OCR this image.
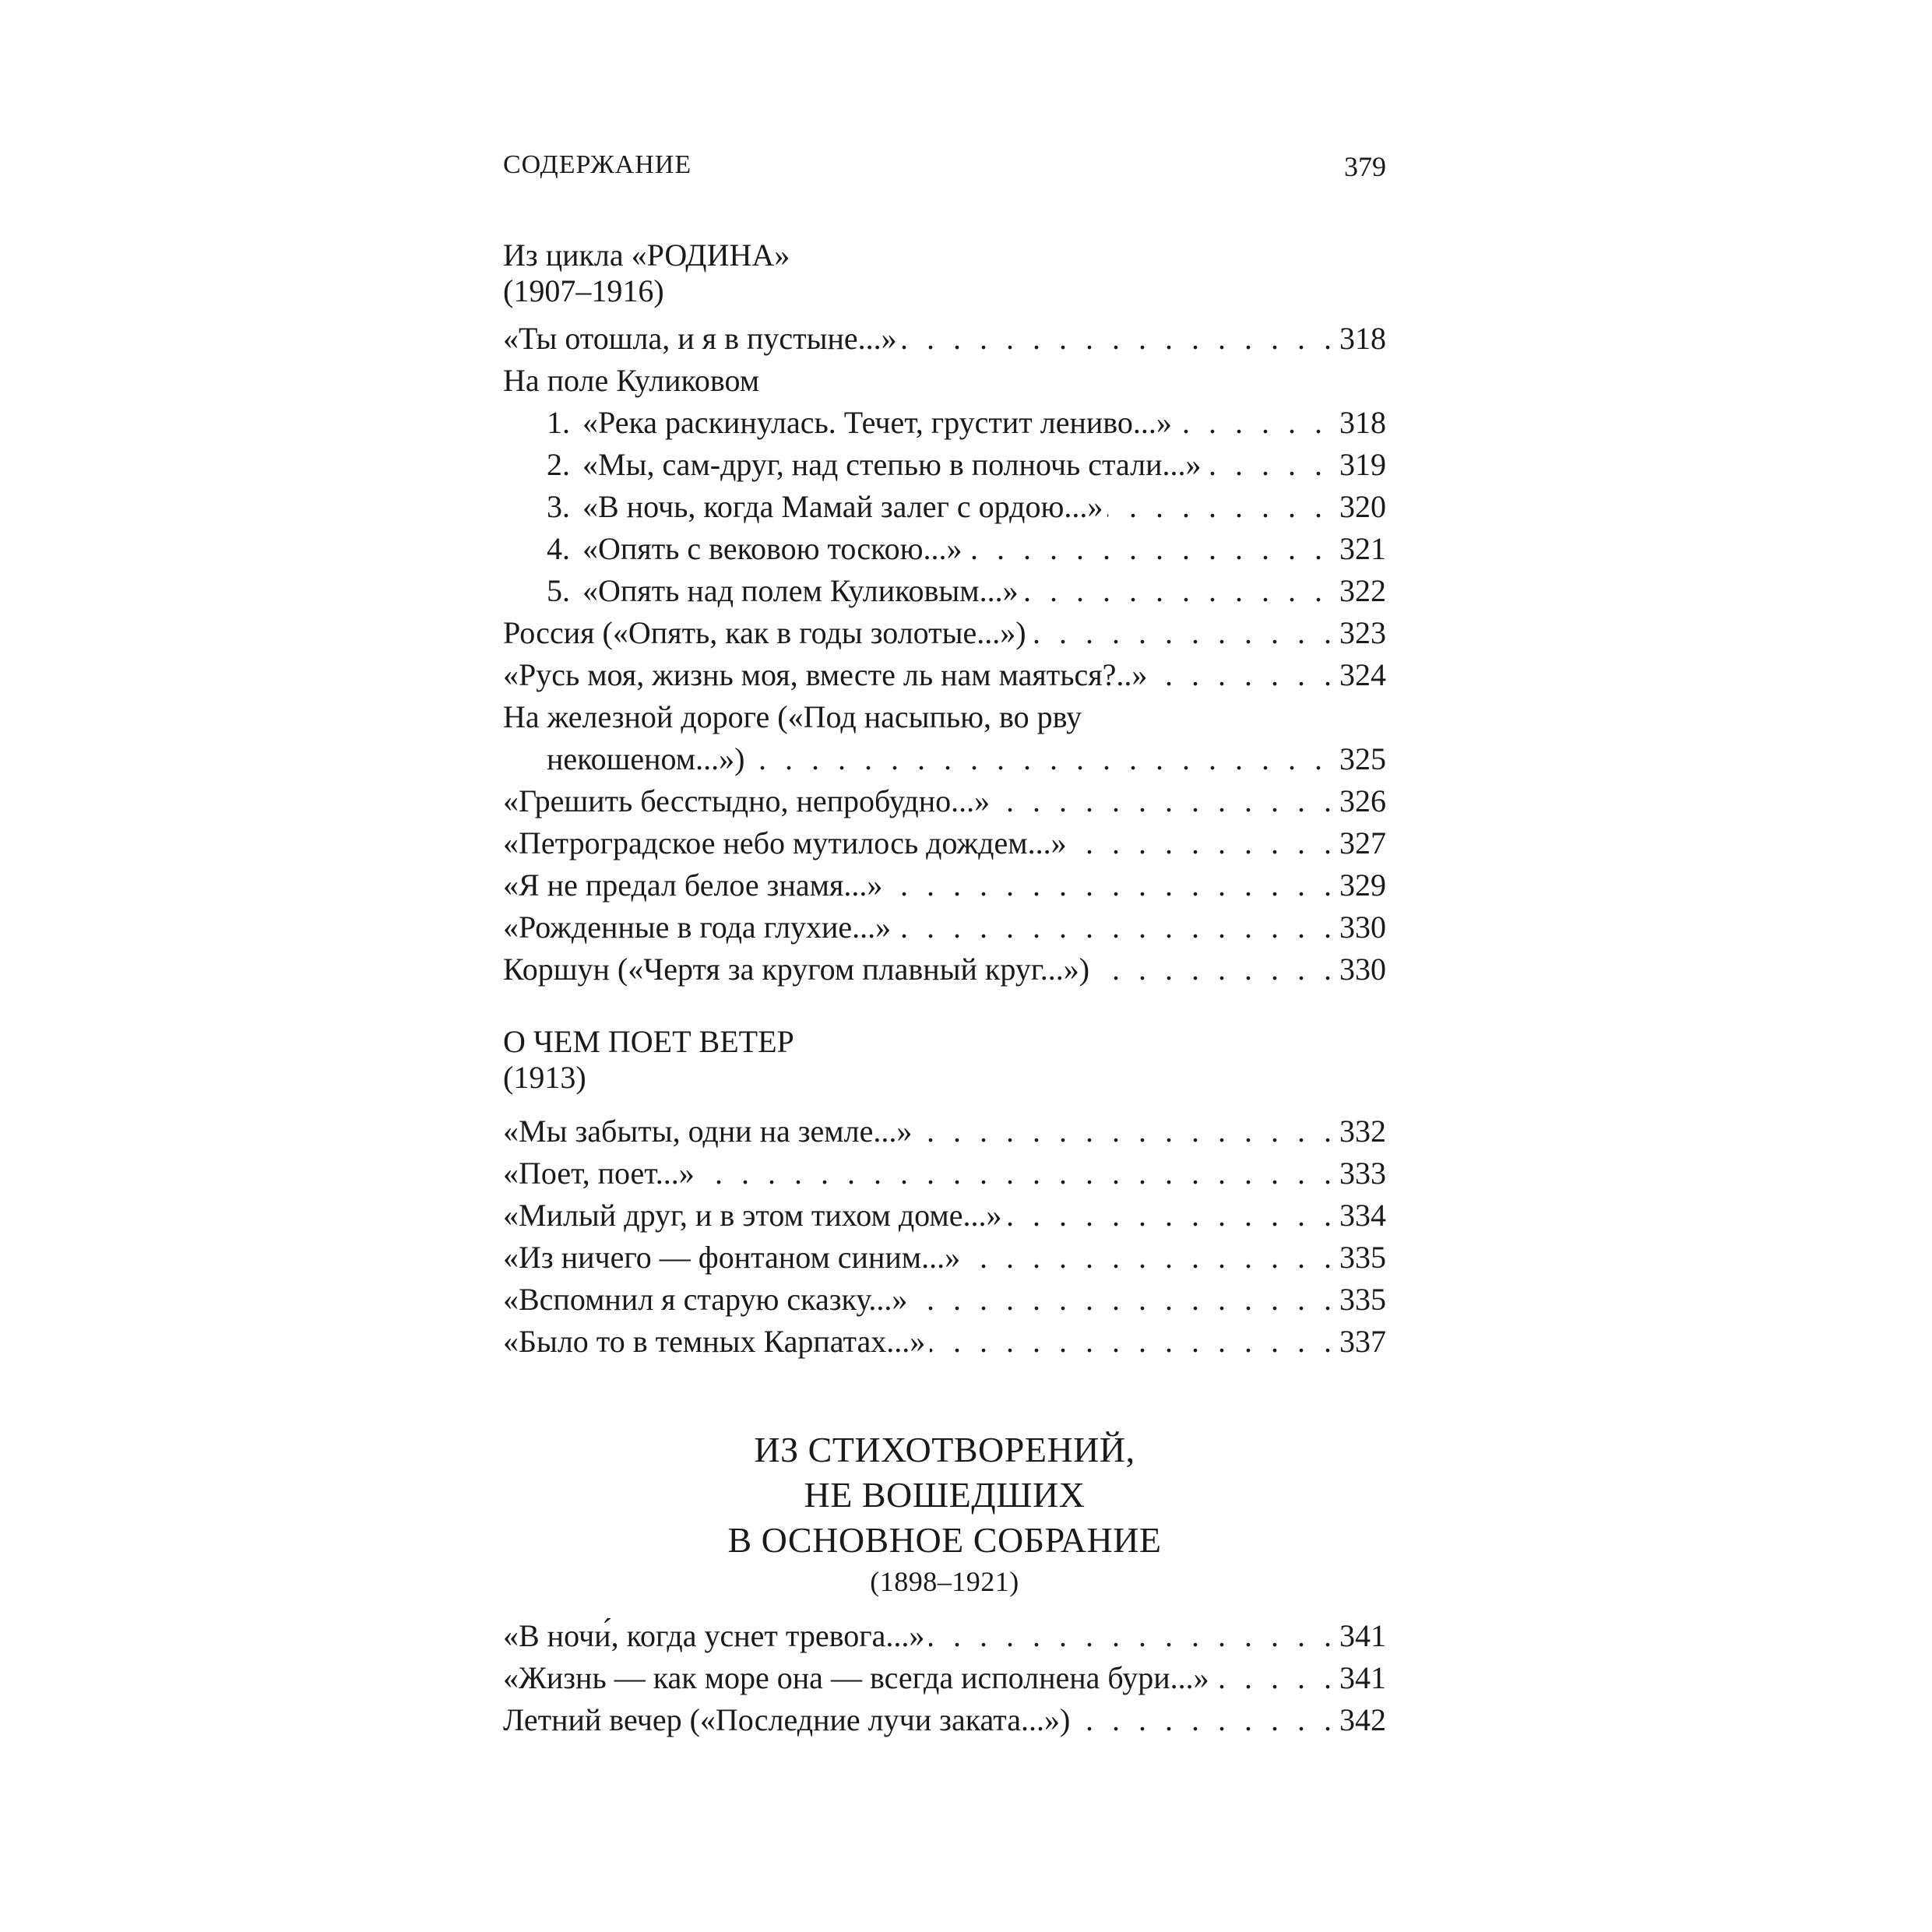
СОДЕРЖАНИЕ	379
Из цикла «РОДИНА»
(1907–1916)
. . .
«Ты отошла, и я в пустыне...»	318
На поле Куликовом
. . .
1. «Река раскинулась. Течет, грустит лениво...»	318
. . .
2. «Мы, сам-друг, над степью в полночь стали...»	319
. . .
3. «В ночь, когда Мамай залег с ордою...»	320
. . .
4. «Опять с вековою тоскою...»	321
. . .
5. «Опять над полем Куликовым...»	322
. . .
Россия («Опять, как в годы золотые...»)	323
. . .
«Русь моя, жизнь моя, вместе ль нам маяться?..»	324
На железной дороге («Под насыпью, во рву
. . .
некошеном...»)	325
. . .
«Грешить бесстыдно, непробудно...»	326
. . .
«Петроградское небо мутилось дождем...»	327
. . .
«Я не предал белое знамя...»	329
. . .
«Рожденные в года глухие...»	330
. . .
Коршун («Чертя за кругом плавный круг...»)	330
О ЧЕМ ПОЕТ ВЕТЕР
(1913)
. . .
«Мы забыты, одни на земле...»	332
. . .
«Поет, поет...»	333
. . .
«Милый друг, и в этом тихом доме...»	334
. . .
«Из ничего — фонтаном синим...»	335
. . .
«Вспомнил я старую сказку...»	335
. . .
«Было то в темных Карпатах...»	337
ИЗ СТИХОТВОРЕНИЙ,
НЕ ВОШЕДШИХ
В ОСНОВНОЕ СОБРАНИЕ
(1898–1921)
. . .
«В ночи́, когда уснет тревога...»	341
. . .
«Жизнь — как море она — всегда исполнена бури...»	341
. . .
Летний вечер («Последние лучи заката...»)	342
